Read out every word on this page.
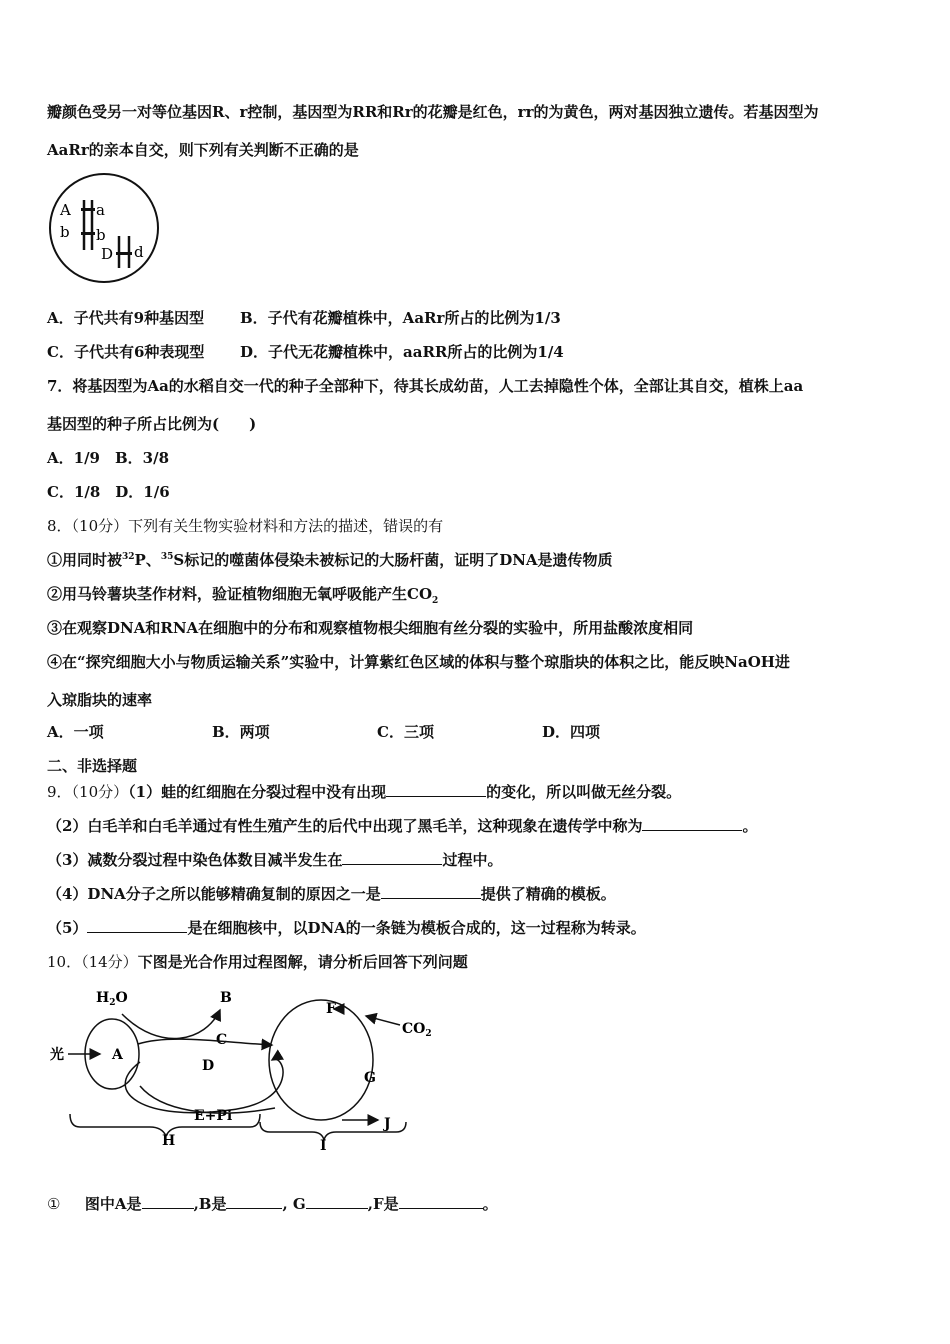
瓣颜色受另一对等位基因R、r控制，基因型为RR和Rr的花瓣是红色，rr的为黄色，两对基因独立遗传。若基因型为
AaRr的亲本自交，则下列有关判断不正确的是
A a
b b
D d
A．子代共有9种基因型 B．子代有花瓣植株中，AaRr所占的比例为1/3
C．子代共有6种表现型 D．子代无花瓣植株中，aaRR所占的比例为1/4
7．将基因型为Aa的水稻自交一代的种子全部种下，待其长成幼苗，人工去掉隐性个体，全部让其自交，植株上aa
基因型的种子所占比例为(　　)
A．1/9　B．3/8
C．1/8　D．1/6
8．（10分）下列有关生物实验材料和方法的描述，错误的有
①用同时被$^{32}$P、$^{35}$S标记的噬菌体侵染未被标记的大肠杆菌，证明了DNA是遗传物质
②用马铃薯块茎作材料，验证植物细胞无氧呼吸能产生$CO_2$
③在观察DNA和RNA在细胞中的分布和观察植物根尖细胞有丝分裂的实验中，所用盐酸浓度相同
④在“探究细胞大小与物质运输关系”实验中，计算紫红色区域的体积与整个琼脂块的体积之比，能反映NaOH进
入琼脂块的速率
A．一项	B．两项	C．三项	D．四项
二、非选择题
9．（10分）（1）蛙的红细胞在分裂过程中没有出现	的变化，所以叫做无丝分裂。
（2）白毛羊和白毛羊通过有性生殖产生的后代中出现了黑毛羊，这种现象在遗传学中称为	。
（3）减数分裂过程中染色体数目减半发生在	过程中。
（4）DNA分子之所以能够精确复制的原因之一是	提供了精确的模板。
（5）	是在细胞核中，以DNA的一条链为模板合成的，这一过程称为转录。
10．（14分）下图是光合作用过程图解，请分析后回答下列问题
$H_2O$	B
光	A
C
D
E+Pi
F
$CO_2$
G
J
H	I
① 图中A是	,B是	, G	,F是	。
